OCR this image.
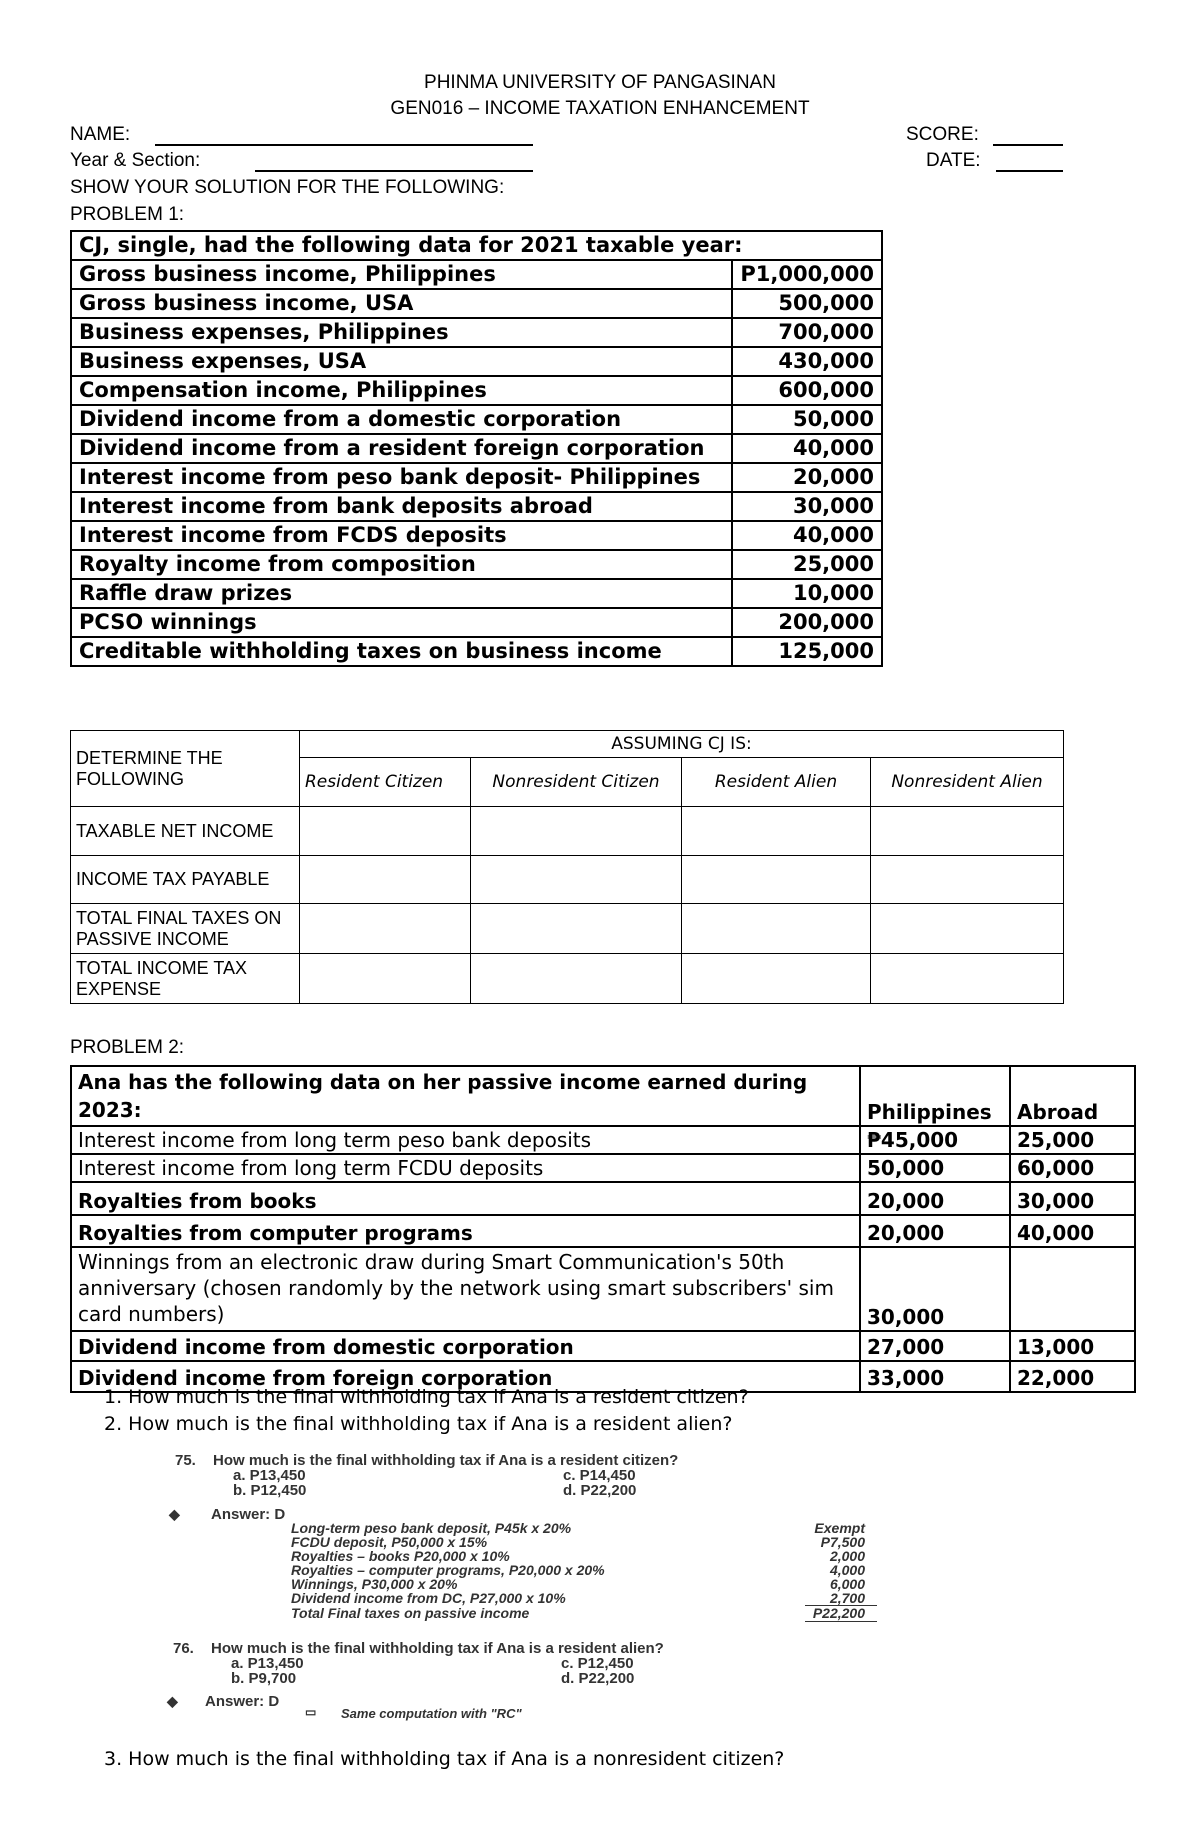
PHINMA UNIVERSITY OF PANGASINAN
GEN016 – INCOME TAXATION ENHANCEMENT
NAME:
Year & Section:
SHOW YOUR SOLUTION FOR THE FOLLOWING:
SCORE:
DATE:
PROBLEM 1:
CJ, single, had the following data for 2021 taxable year:	
Gross business income, Philippines	P1,000,000
Gross business income, USA	500,000
Business expenses, Philippines	700,000
Business expenses, USA	430,000
Compensation income, Philippines	600,000
Dividend income from a domestic corporation	50,000
Dividend income from a resident foreign corporation	40,000
Interest income from peso bank deposit- Philippines	20,000
Interest income from bank deposits abroad	30,000
Interest income from FCDS deposits	40,000
Royalty income from composition	25,000
Raffle draw prizes	10,000
PCSO winnings	200,000
Creditable withholding taxes on business income	125,000
DETERMINE THE FOLLOWING	ASSUMING CJ IS:			
	Resident Citizen	Nonresident Citizen	Resident Alien	Nonresident Alien
TAXABLE NET INCOME				
INCOME TAX PAYABLE				
TOTAL FINAL TAXES ON PASSIVE INCOME				
TOTAL INCOME TAX EXPENSE				
PROBLEM 2:
Ana has the following data on her passive income earned during 2023:	Philippines	Abroad
Interest income from long term peso bank deposits	₱45,000	25,000
Interest income from long term FCDU deposits	50,000	60,000
Royalties from books	20,000	30,000
Royalties from computer programs	20,000	40,000
Winnings from an electronic draw during Smart Communication's 50th anniversary (chosen randomly by the network using smart subscribers' sim card numbers)	30,000	
Dividend income from domestic corporation	27,000	13,000
Dividend income from foreign corporation	33,000	22,000
1. How much is the final withholding tax if Ana is a resident citizen?
2. How much is the final withholding tax if Ana is a resident alien?
75. How much is the final withholding tax if Ana is a resident citizen?
a. P13,450
b. P12,450
c. P14,450
d. P22,200
◆ Answer: D
Long-term peso bank deposit, P45k x 20%	Exempt
FCDU deposit, P50,000 x 15%	P7,500
Royalties – books P20,000 x 10%	2,000
Royalties – computer programs, P20,000 x 20%	4,000
Winnings, P30,000 x 20%	6,000
Dividend income from DC, P27,000 x 10%	2,700
Total Final taxes on passive income	P22,200
76. How much is the final withholding tax if Ana is a resident alien?
a. P13,450
b. P9,700
c. P12,450
d. P22,200
◆ Answer: D
▭ Same computation with "RC"
3. How much is the final withholding tax if Ana is a nonresident citizen?
